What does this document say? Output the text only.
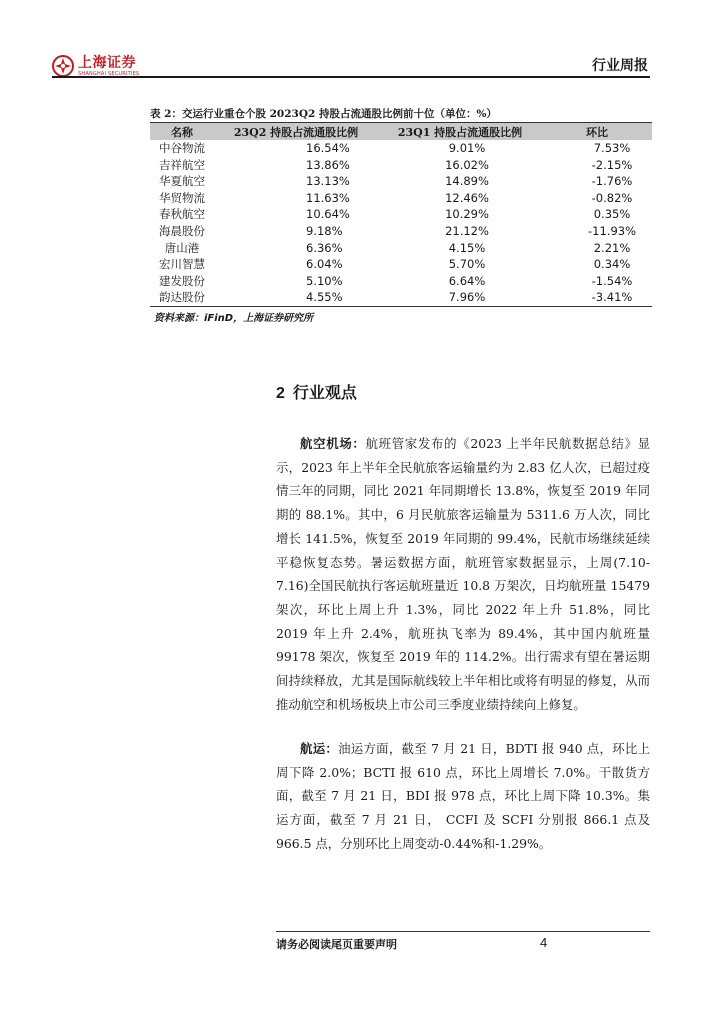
上海证券
SHANGHAI SECURITIES	行业周报
表 2：交运行业重仓个股 2023Q2 持股占流通股比例前十位（单位：%）
名称	23Q2 持股占流通股比例	23Q1 持股占流通股比例	环比
中谷物流	16.54%	9.01%	7.53%
吉祥航空	13.86%	16.02%	-2.15%
华夏航空	13.13%	14.89%	-1.76%
华贸物流	11.63%	12.46%	-0.82%
春秋航空	10.64%	10.29%	0.35%
海晨股份	9.18%	21.12%	-11.93%
唐山港	6.36%	4.15%	2.21%
宏川智慧	6.04%	5.70%	0.34%
建发股份	5.10%	6.64%	-1.54%
韵达股份	4.55%	7.96%	-3.41%
资料来源：iFinD，上海证券研究所
2 行业观点
航空机场：航班管家发布的《2023 上半年民航数据总结》显示，2023 年上半年全民航旅客运输量约为 2.83 亿人次，已超过疫情三年的同期，同比 2021 年同期增长 13.8%，恢复至 2019 年同期的 88.1%。其中，6 月民航旅客运输量为 5311.6 万人次，同比增长 141.5%，恢复至 2019 年同期的 99.4%，民航市场继续延续平稳恢复态势。暑运数据方面，航班管家数据显示，上周(7.10-7.16)全国民航执行客运航班量近 10.8 万架次，日均航班量 15479 架次，环比上周上升 1.3%，同比 2022 年上升 51.8%，同比 2019 年上升 2.4%，航班执飞率为 89.4%，其中国内航班量 99178 架次，恢复至 2019 年的 114.2%。出行需求有望在暑运期间持续释放，尤其是国际航线较上半年相比或将有明显的修复，从而推动航空和机场板块上市公司三季度业绩持续向上修复。
航运：油运方面，截至 7 月 21 日，BDTI 报 940 点，环比上周下降 2.0%；BCTI 报 610 点，环比上周增长 7.0%。干散货方面，截至 7 月 21 日，BDI 报 978 点，环比上周下降 10.3%。集运方面，截至 7 月 21 日， CCFI 及 SCFI 分别报 866.1 点及 966.5 点，分别环比上周变动-0.44%和-1.29%。
请务必阅读尾页重要声明	4
